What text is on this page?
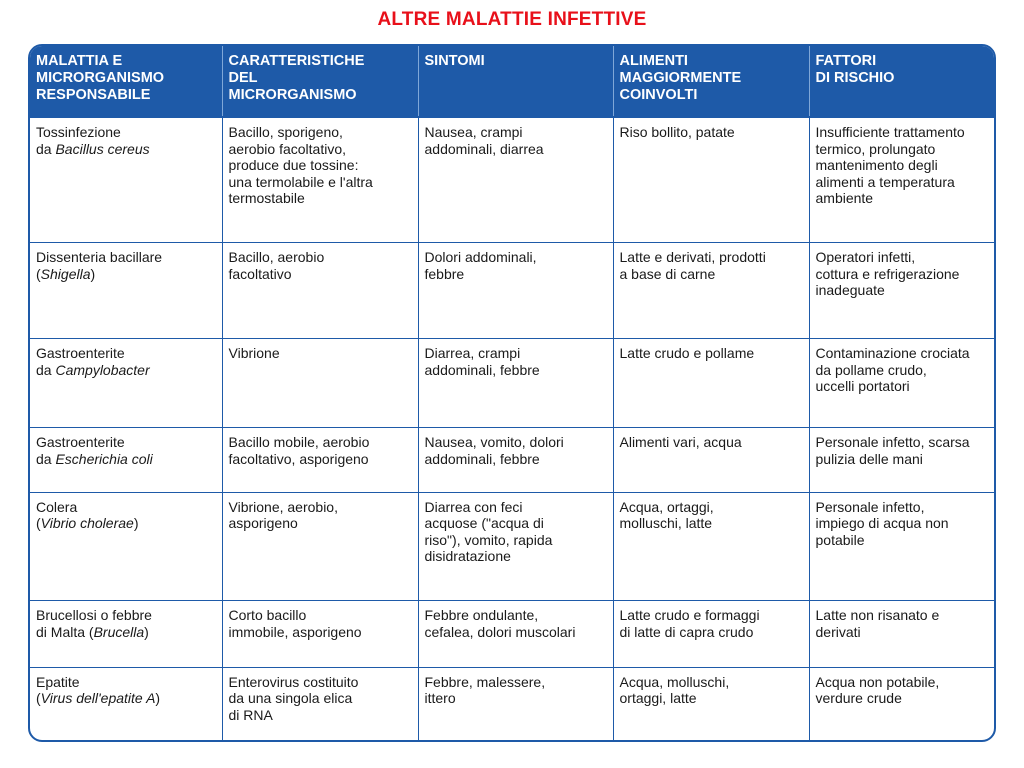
ALTRE MALATTIE INFETTIVE
MALATTIA E
MICRORGANISMO
RESPONSABILE	CARATTERISTICHE
DEL
MICRORGANISMO	SINTOMI	ALIMENTI
MAGGIORMENTE
COINVOLTI	FATTORI
DI RISCHIO

Tossinfezione
da Bacillus cereus	Bacillo, sporigeno,
aerobio facoltativo,
produce due tossine:
una termolabile e l'altra
termostabile	Nausea, crampi
addominali, diarrea	Riso bollito, patate	Insufficiente trattamento
termico, prolungato
mantenimento degli
alimenti a temperatura
ambiente

Dissenteria bacillare
(Shigella)	Bacillo, aerobio
facoltativo	Dolori addominali,
febbre	Latte e derivati, prodotti
a base di carne	Operatori infetti,
cottura e refrigerazione
inadeguate

Gastroenterite
da Campylobacter	Vibrione	Diarrea, crampi
addominali, febbre	Latte crudo e pollame	Contaminazione crociata
da pollame crudo,
uccelli portatori

Gastroenterite
da Escherichia coli	Bacillo mobile, aerobio
facoltativo, asporigeno	Nausea, vomito, dolori
addominali, febbre	Alimenti vari, acqua	Personale infetto, scarsa
pulizia delle mani

Colera
(Vibrio cholerae)	Vibrione, aerobio,
asporigeno	Diarrea con feci
acquose ("acqua di
riso"), vomito, rapida
disidratazione	Acqua, ortaggi,
molluschi, latte	Personale infetto,
impiego di acqua non
potabile

Brucellosi o febbre
di Malta (Brucella)	Corto bacillo
immobile, asporigeno	Febbre ondulante,
cefalea, dolori muscolari	Latte crudo e formaggi
di latte di capra crudo	Latte non risanato e
derivati

Epatite
(Virus dell'epatite A)	Enterovirus costituito
da una singola elica
di RNA	Febbre, malessere,
ittero	Acqua, molluschi,
ortaggi, latte	Acqua non potabile,
verdure crude
